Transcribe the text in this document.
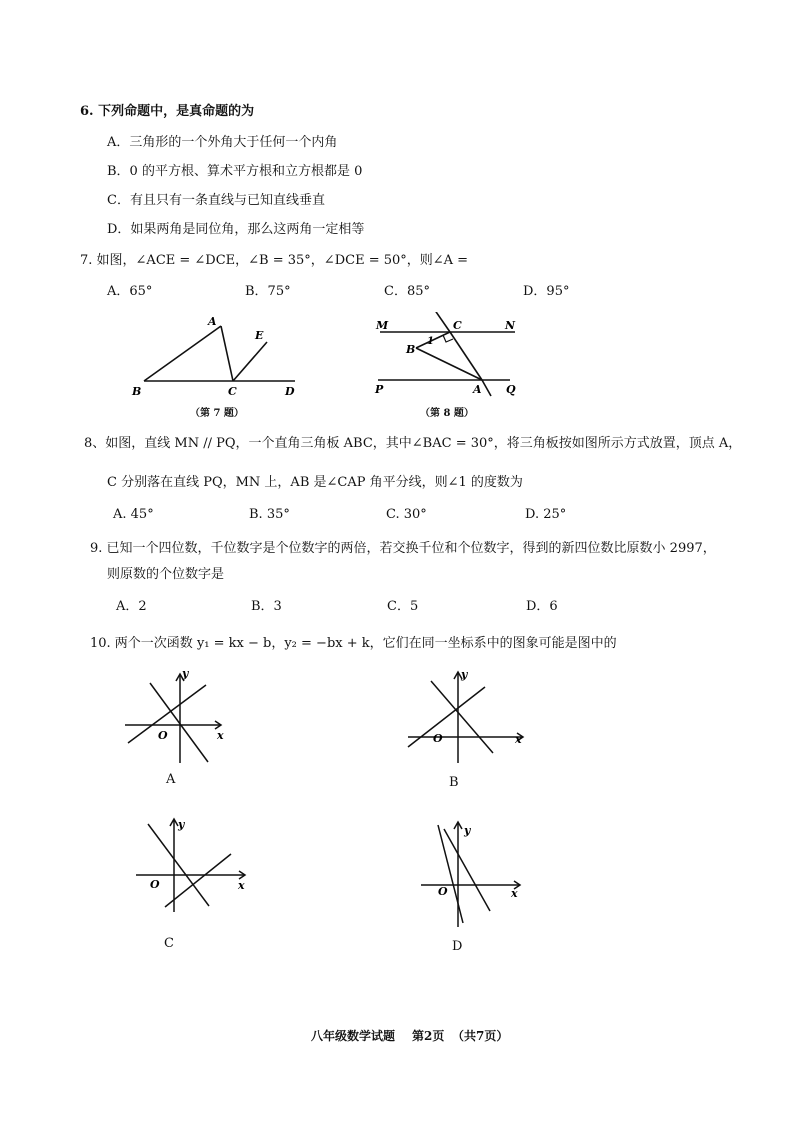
6. 下列命题中，是真命题的为
A．三角形的一个外角大于任何一个内角
B．0 的平方根、算术平方根和立方根都是 0
C．有且只有一条直线与已知直线垂直
D．如果两角是同位角，那么这两角一定相等
7. 如图，∠ACE = ∠DCE，∠B = 35°，∠DCE = 50°，则∠A =
A．65°	B．75°	C．85°	D．95°
A
B	C	D
E
（第 7 题）
M	N
C
B
1
P	A Q
（第 8 题）
8、如图，直线 MN // PQ，一个直角三角板 ABC，其中∠BAC = 30°，将三角板按如图所示方式放置，顶点 A，
C 分别落在直线 PQ，MN 上，AB 是∠CAP 角平分线，则∠1 的度数为
A. 45°	B. 35°	C. 30°	D. 25°
9. 已知一个四位数，千位数字是个位数字的两倍，若交换千位和个位数字，得到的新四位数比原数小 2997，
则原数的个位数字是
A．2	B．3	C．5	D．6
10. 两个一次函数 y₁ = kx − b，y₂ = −bx + k，它们在同一坐标系中的图象可能是图中的
y
x
O
A
y
x
O
B
y
x
O
C
y
x
O
D
八年级数学试题 第2页 （共7页）
